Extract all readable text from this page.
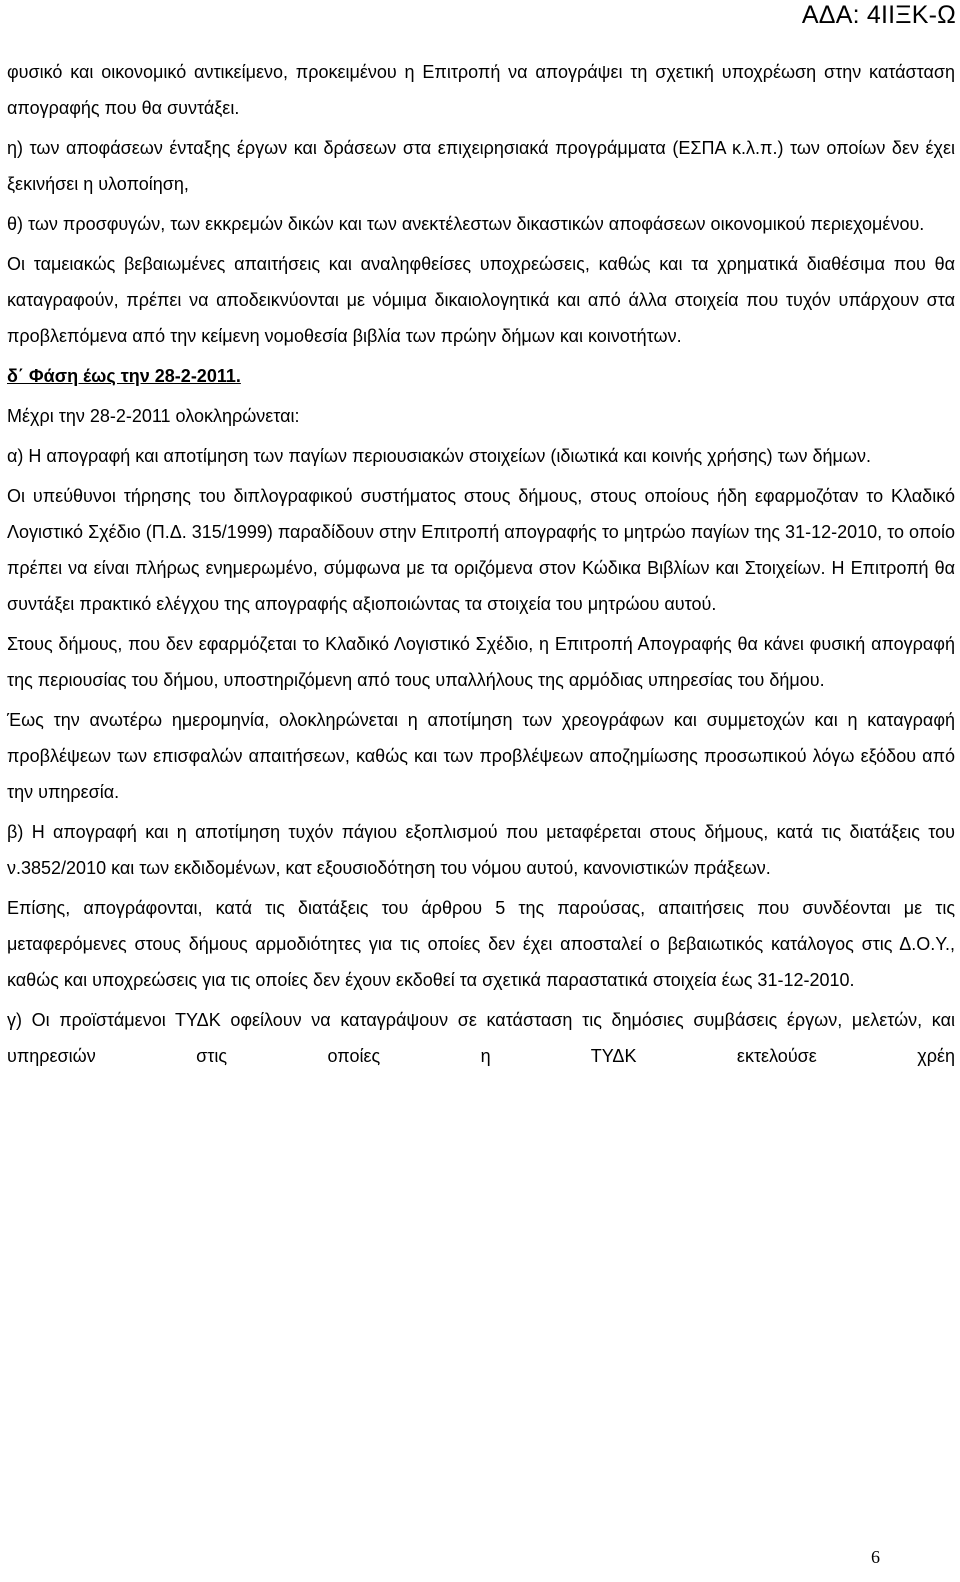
ΑΔΑ: 4ΙΙΞΚ-Ω

φυσικό και οικονομικό αντικείμενο, προκειμένου η Επιτροπή να απογράψει τη σχετική υποχρέωση στην κατάσταση απογραφής που θα συντάξει.

η) των αποφάσεων ένταξης έργων και δράσεων στα επιχειρησιακά προγράμματα (ΕΣΠΑ κ.λ.π.) των οποίων δεν έχει ξεκινήσει η υλοποίηση,

θ) των προσφυγών, των εκκρεμών δικών και των ανεκτέλεστων δικαστικών αποφάσεων οικονομικού περιεχομένου.

Οι ταμειακώς βεβαιωμένες απαιτήσεις και αναληφθείσες υποχρεώσεις, καθώς και τα χρηματικά διαθέσιμα που θα καταγραφούν, πρέπει να αποδεικνύονται με νόμιμα δικαιολογητικά και από άλλα στοιχεία που τυχόν υπάρχουν στα προβλεπόμενα από την κείμενη νομοθεσία βιβλία των πρώην δήμων και κοινοτήτων.

δ΄ Φάση έως την 28-2-2011.

Μέχρι την 28-2-2011 ολοκληρώνεται:

α) Η απογραφή και αποτίμηση των παγίων περιουσιακών στοιχείων (ιδιωτικά και κοινής χρήσης) των δήμων.

Οι υπεύθυνοι τήρησης του διπλογραφικού συστήματος στους δήμους, στους οποίους ήδη εφαρμοζόταν το Κλαδικό Λογιστικό Σχέδιο (Π.Δ. 315/1999) παραδίδουν στην Επιτροπή απογραφής το μητρώο παγίων της 31-12-2010, το οποίο πρέπει να είναι πλήρως ενημερωμένο, σύμφωνα με τα οριζόμενα στον Κώδικα Βιβλίων και Στοιχείων. Η Επιτροπή θα συντάξει πρακτικό ελέγχου της απογραφής αξιοποιώντας τα στοιχεία του μητρώου αυτού.

Στους δήμους, που δεν εφαρμόζεται το Κλαδικό Λογιστικό Σχέδιο, η Επιτροπή Απογραφής θα κάνει φυσική απογραφή της περιουσίας του δήμου, υποστηριζόμενη από τους υπαλλήλους της αρμόδιας υπηρεσίας του δήμου.

Έως την ανωτέρω ημερομηνία, ολοκληρώνεται η αποτίμηση των χρεογράφων και συμμετοχών και η καταγραφή προβλέψεων των επισφαλών απαιτήσεων, καθώς και των προβλέψεων αποζημίωσης προσωπικού λόγω εξόδου από την υπηρεσία.

β) Η απογραφή και η αποτίμηση τυχόν πάγιου εξοπλισμού που μεταφέρεται στους δήμους, κατά τις διατάξεις του ν.3852/2010 και των εκδιδομένων, κατ εξουσιοδότηση του νόμου αυτού, κανονιστικών πράξεων.

Επίσης, απογράφονται, κατά τις διατάξεις του άρθρου 5 της παρούσας, απαιτήσεις που συνδέονται με τις μεταφερόμενες στους δήμους αρμοδιότητες για τις οποίες δεν έχει αποσταλεί ο βεβαιωτικός κατάλογος στις Δ.Ο.Υ., καθώς και υποχρεώσεις για τις οποίες δεν έχουν εκδοθεί τα σχετικά παραστατικά στοιχεία έως 31-12-2010.

γ) Οι προϊστάμενοι ΤΥΔΚ οφείλουν να καταγράψουν σε κατάσταση τις δημόσιες συμβάσεις έργων, μελετών, και υπηρεσιών στις οποίες η ΤΥΔΚ εκτελούσε χρέη

6
